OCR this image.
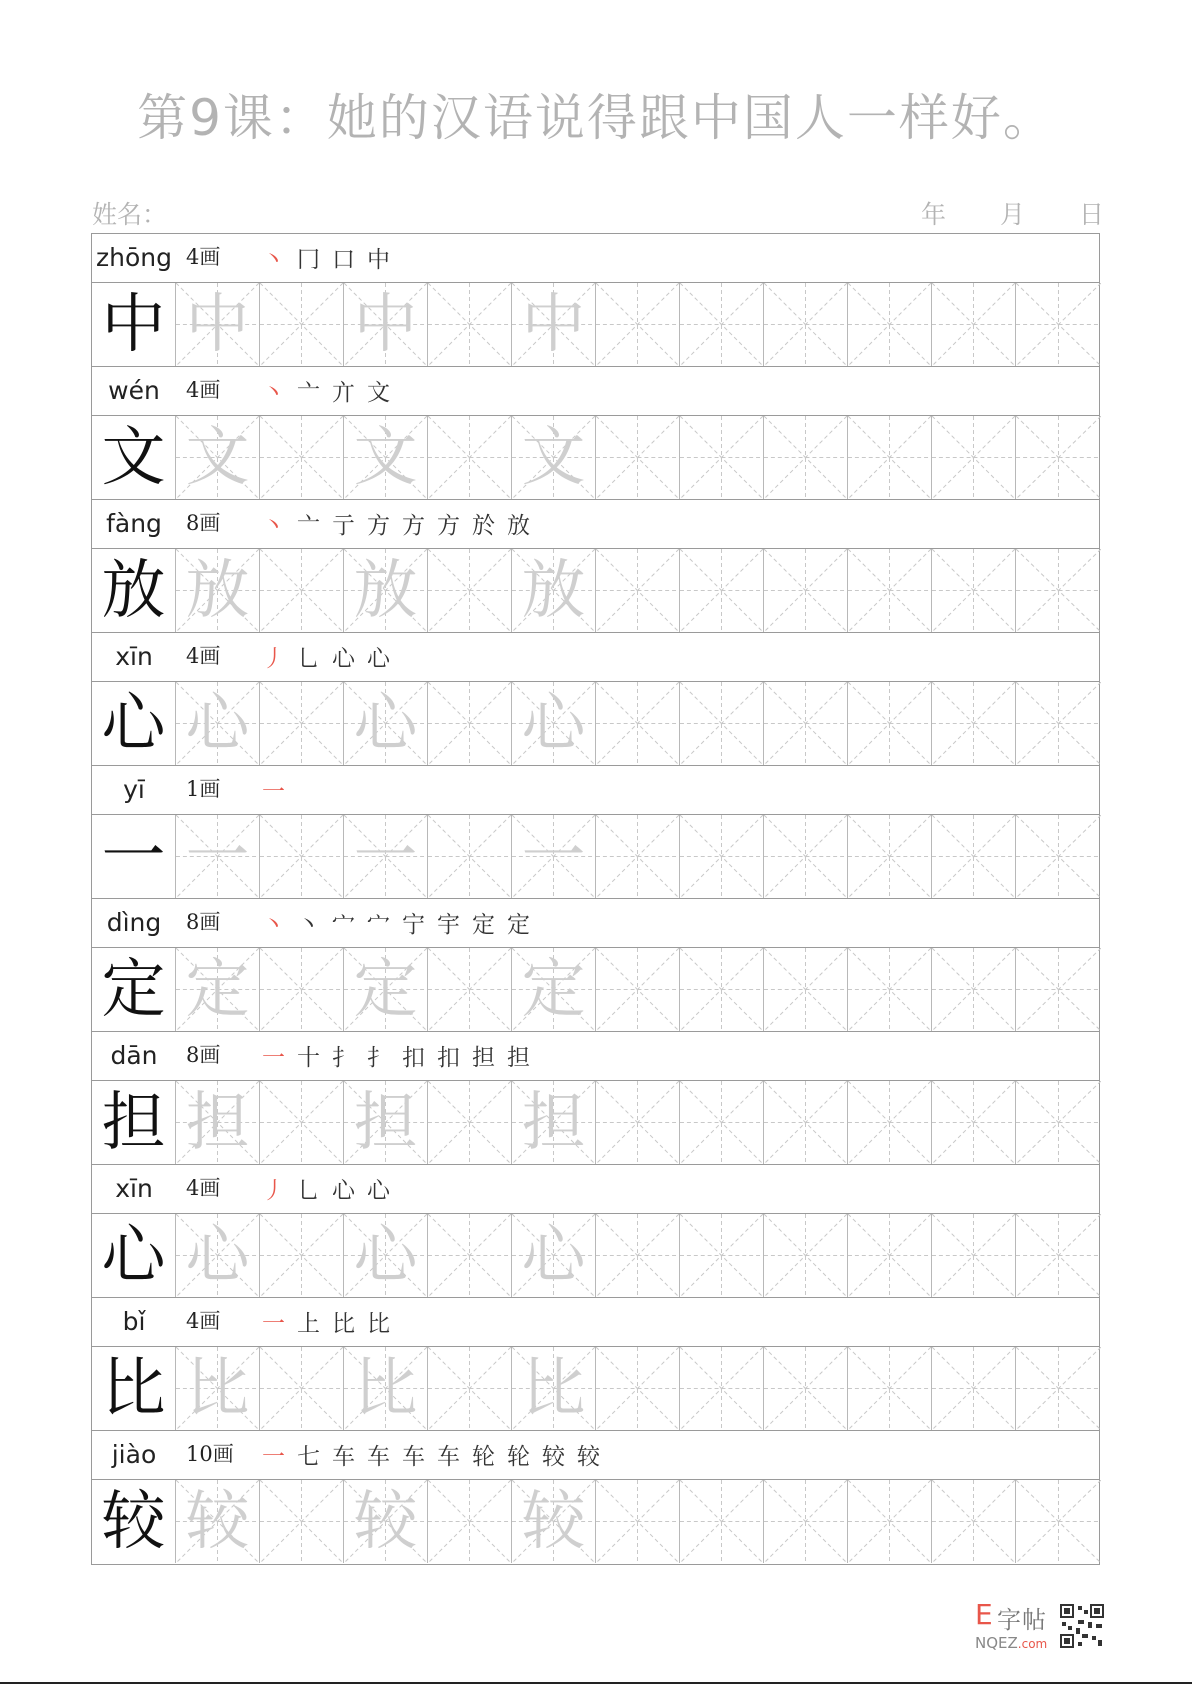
第9课：她的汉语说得跟中国人一样好。
姓名：	年 月 日
zhōng 4画 丶 冂 口 中
中 中 中 中
wén	4画 丶 亠 亣 文
文 文 文 文
fàng	8画 丶 亠 亍 方 方 方 於 放
放 放 放 放
xīn	4画 丿 乚 心 心
心 心 心 心
yī	1画 一
一 一 一 一
dìng	8画 丶 丶 宀 宀 宁 宇 定 定
定 定 定 定
dān	8画 一 十 扌 扌 扣 扣 担 担
担 担 担 担
xīn	4画 丿 乚 心 心
心 心 心 心
bǐ	4画 一 上 比 比
比 比 比 比
jiào	10画 一 七 车 车 车 车 轮 轮 较 较
较 较 较 较
E 字帖
NQEZ.com
